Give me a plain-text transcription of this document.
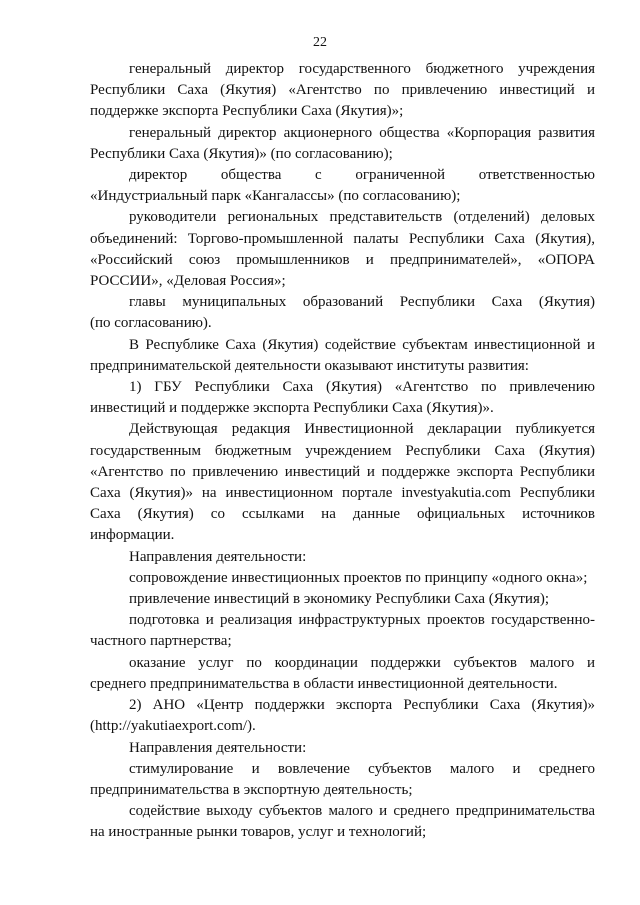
22
генеральный директор государственного бюджетного учреждения
Республики Саха (Якутия) «Агентство по привлечению инвестиций и
поддержке экспорта Республики Саха (Якутия)»;
генеральный директор акционерного общества «Корпорация развития
Республики Саха (Якутия)» (по согласованию);
директор общества с ограниченной ответственностью
«Индустриальный парк «Кангалассы» (по согласованию);
руководители региональных представительств (отделений) деловых
объединений: Торгово-промышленной палаты Республики Саха (Якутия),
«Российский союз промышленников и предпринимателей», «ОПОРА
РОССИИ», «Деловая Россия»;
главы муниципальных образований Республики Саха (Якутия)
(по согласованию).
В Республике Саха (Якутия) содействие субъектам инвестиционной и
предпринимательской деятельности оказывают институты развития:
1) ГБУ Республики Саха (Якутия) «Агентство по привлечению
инвестиций и поддержке экспорта Республики Саха (Якутия)».
Действующая редакция Инвестиционной декларации публикуется
государственным бюджетным учреждением Республики Саха (Якутия)
«Агентство по привлечению инвестиций и поддержке экспорта Республики
Саха (Якутия)» на инвестиционном портале investyakutia.com Республики
Саха (Якутия) со ссылками на данные официальных источников
информации.
Направления деятельности:
сопровождение инвестиционных проектов по принципу «одного окна»;
привлечение инвестиций в экономику Республики Саха (Якутия);
подготовка и реализация инфраструктурных проектов государственно-
частного партнерства;
оказание услуг по координации поддержки субъектов малого и
среднего предпринимательства в области инвестиционной деятельности.
2) АНО «Центр поддержки экспорта Республики Саха (Якутия)»
(http://yakutiaexport.com/).
Направления деятельности:
стимулирование и вовлечение субъектов малого и среднего
предпринимательства в экспортную деятельность;
содействие выходу субъектов малого и среднего предпринимательства
на иностранные рынки товаров, услуг и технологий;
